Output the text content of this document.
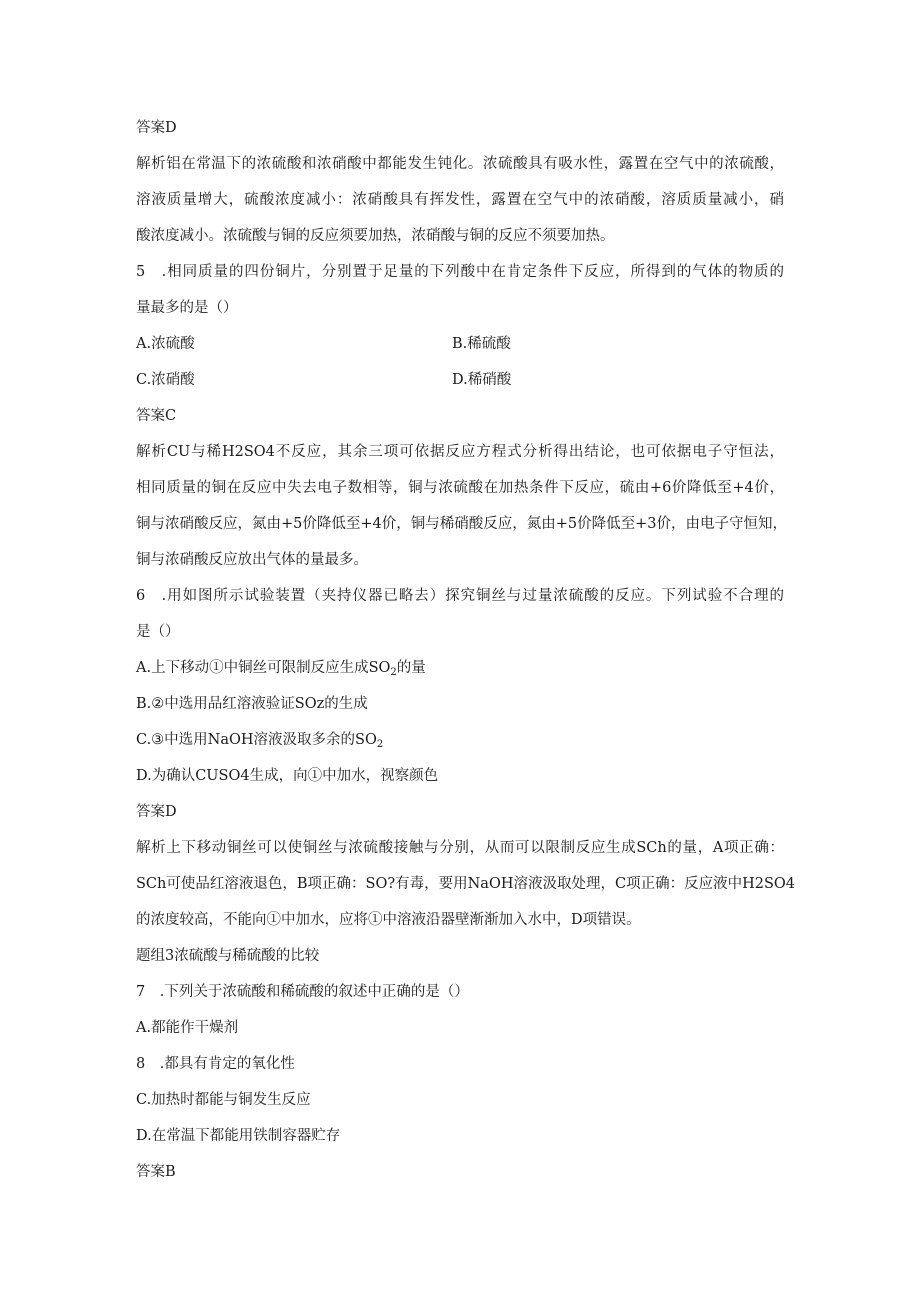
答案D
解析铝在常温下的浓硫酸和浓硝酸中都能发生钝化。浓硫酸具有吸水性，露置在空气中的浓硫酸，
溶液质量增大，硫酸浓度减小：浓硝酸具有挥发性，露置在空气中的浓硝酸，溶质质量减小，硝
酸浓度减小。浓硫酸与铜的反应须要加热，浓硝酸与铜的反应不须要加热。
5　.相同质量的四份铜片，分别置于足量的下列酸中在肯定条件下反应，所得到的气体的物质的
量最多的是（）
A.浓硫酸	B.稀硫酸
C.浓硝酸	D.稀硝酸
答案C
解析CU与稀H2SO4不反应，其余三项可依据反应方程式分析得出结论，也可依据电子守恒法，
相同质量的铜在反应中失去电子数相等，铜与浓硫酸在加热条件下反应，硫由+6价降低至+4价，
铜与浓硝酸反应，氮由+5价降低至+4价，铜与稀硝酸反应，氮由+5价降低至+3价，由电子守恒知，
铜与浓硝酸反应放出气体的量最多。
6　.用如图所示试验装置（夹持仪器已略去）探究铜丝与过量浓硫酸的反应。下列试验不合理的
是（）
A.上下移动①中铜丝可限制反应生成$SO_2$的量
B.②中选用品红溶液验证SOz的生成
C.③中选用NaOH溶液汲取多余的$SO_2$
D.为确认CUSO4生成，向①中加水，视察颜色
答案D
解析上下移动铜丝可以使铜丝与浓硫酸接触与分别，从而可以限制反应生成SCh的量，A项正确：
SCh可使品红溶液退色，B项正确：SO?有毒，要用NaOH溶液汲取处理，C项正确：反应液中H2SO4
的浓度较高，不能向①中加水，应将①中溶液沿器壁渐渐加入水中，D项错误。
题组3浓硫酸与稀硫酸的比较
7　.下列关于浓硫酸和稀硫酸的叙述中正确的是（）
A.都能作干燥剂
8　.都具有肯定的氧化性
C.加热时都能与铜发生反应
D.在常温下都能用铁制容器贮存
答案B
